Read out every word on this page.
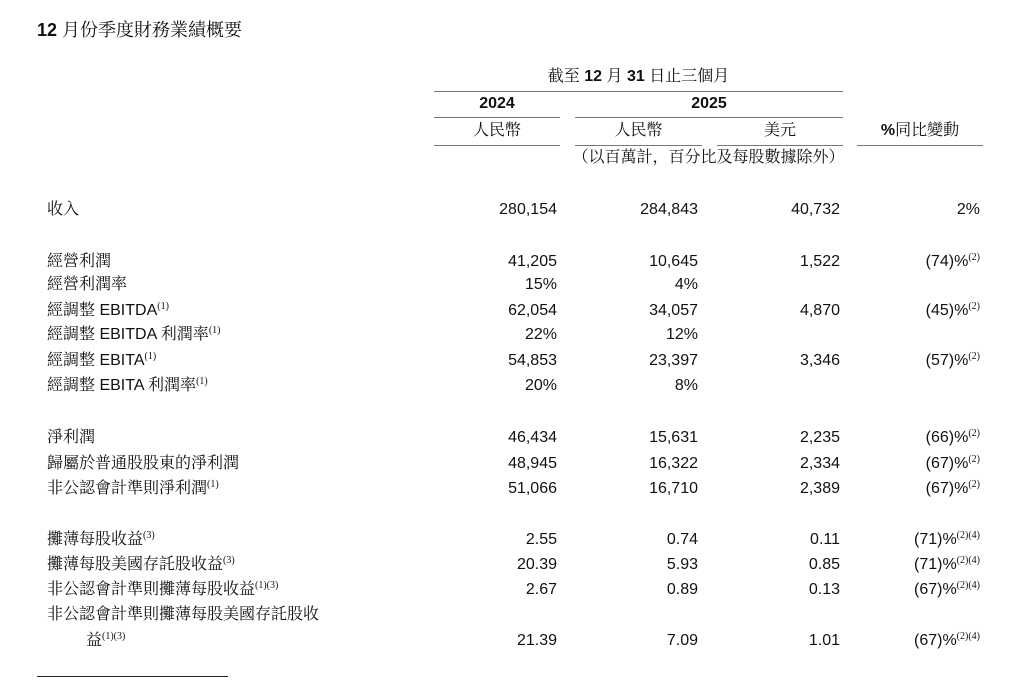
12 月份季度財務業績概要
截至 12 月 31 日止三個月
2024	2025
人民幣	人民幣	美元	%同比變動
（以百萬計，百分比及每股數據除外）
收入	280,154	284,843	40,732	2%
經營利潤	41,205	10,645	1,522	(74)%$^{(2)}$
經營利潤率	15%	4%
經調整 EBITDA$^{(1)}$	62,054	34,057	4,870	(45)%$^{(2)}$
經調整 EBITDA 利潤率$^{(1)}$	22%	12%
經調整 EBITA$^{(1)}$	54,853	23,397	3,346	(57)%$^{(2)}$
經調整 EBITA 利潤率$^{(1)}$	20%	8%
淨利潤	46,434	15,631	2,235	(66)%$^{(2)}$
歸屬於普通股股東的淨利潤	48,945	16,322	2,334	(67)%$^{(2)}$
非公認會計準則淨利潤$^{(1)}$	51,066	16,710	2,389	(67)%$^{(2)}$
攤薄每股收益$^{(3)}$	2.55	0.74	0.11	(71)%$^{(2)(4)}$
攤薄每股美國存託股收益$^{(3)}$	20.39	5.93	0.85	(71)%$^{(2)(4)}$
非公認會計準則攤薄每股收益$^{(1)(3)}$	2.67	0.89	0.13	(67)%$^{(2)(4)}$
非公認會計準則攤薄每股美國存託股收
益$^{(1)(3)}$	21.39	7.09	1.01	(67)%$^{(2)(4)}$
